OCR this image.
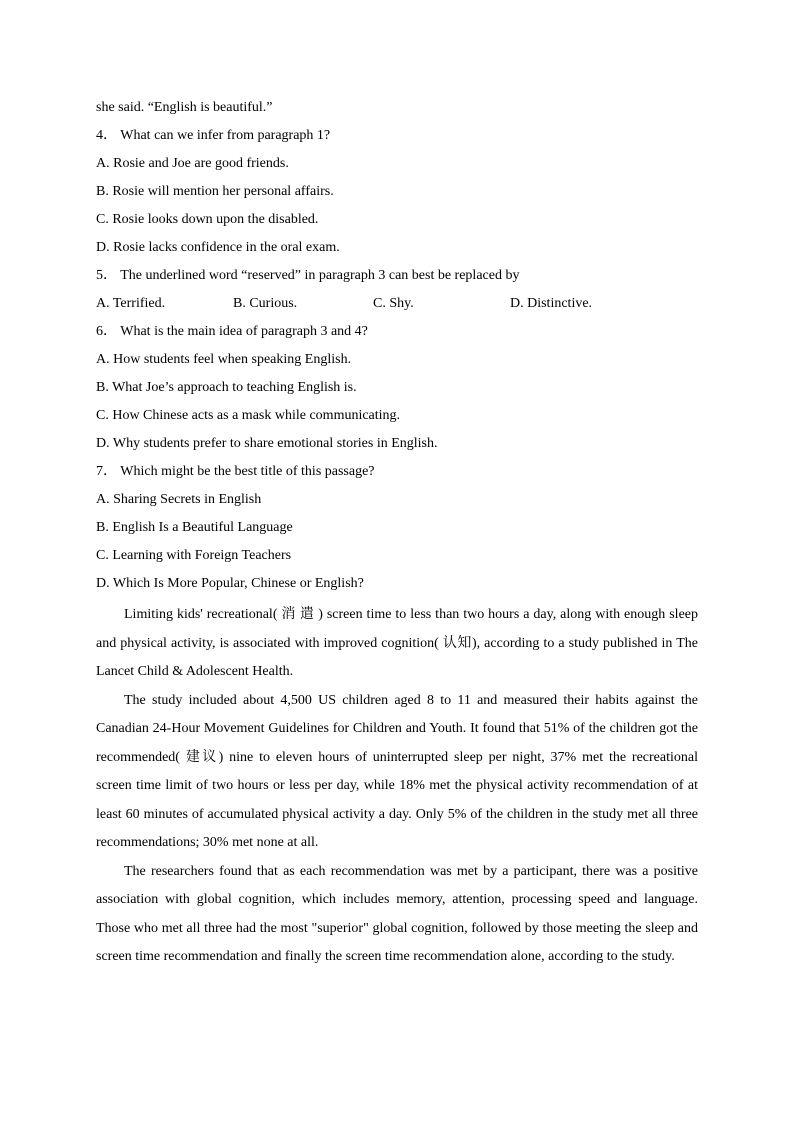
she said. “English is beautiful.”
4． What can we infer from paragraph 1?
A. Rosie and Joe are good friends.
B. Rosie will mention her personal affairs.
C. Rosie looks down upon the disabled.
D. Rosie lacks confidence in the oral exam.
5． The underlined word “reserved” in paragraph 3 can best be replaced by
A. Terrified.	B. Curious.	C. Shy.	D. Distinctive.
6． What is the main idea of paragraph 3 and 4?
A. How students feel when speaking English.
B. What Joe’s approach to teaching English is.
C. How Chinese acts as a mask while communicating.
D. Why students prefer to share emotional stories in English.
7． Which might be the best title of this passage?
A. Sharing Secrets in English
B. English Is a Beautiful Language
C. Learning with Foreign Teachers
D. Which Is More Popular, Chinese or English?

Limiting kids' recreational( 消 遣 ) screen time to less than two hours a day, along with enough sleep and physical activity, is associated with improved cognition( 认知), according to a study published in The Lancet Child & Adolescent Health.

The study included about 4,500 US children aged 8 to 11 and measured their habits against the Canadian 24-Hour Movement Guidelines for Children and Youth. It found that 51% of the children got the recommended( 建议) nine to eleven hours of uninterrupted sleep per night, 37% met the recreational screen time limit of two hours or less per day, while 18% met the physical activity recommendation of at least 60 minutes of accumulated physical activity a day. Only 5% of the children in the study met all three recommendations; 30% met none at all.

The researchers found that as each recommendation was met by a participant, there was a positive association with global cognition, which includes memory, attention, processing speed and language. Those who met all three had the most "superior" global cognition, followed by those meeting the sleep and screen time recommendation and finally the screen time recommendation alone, according to the study.
